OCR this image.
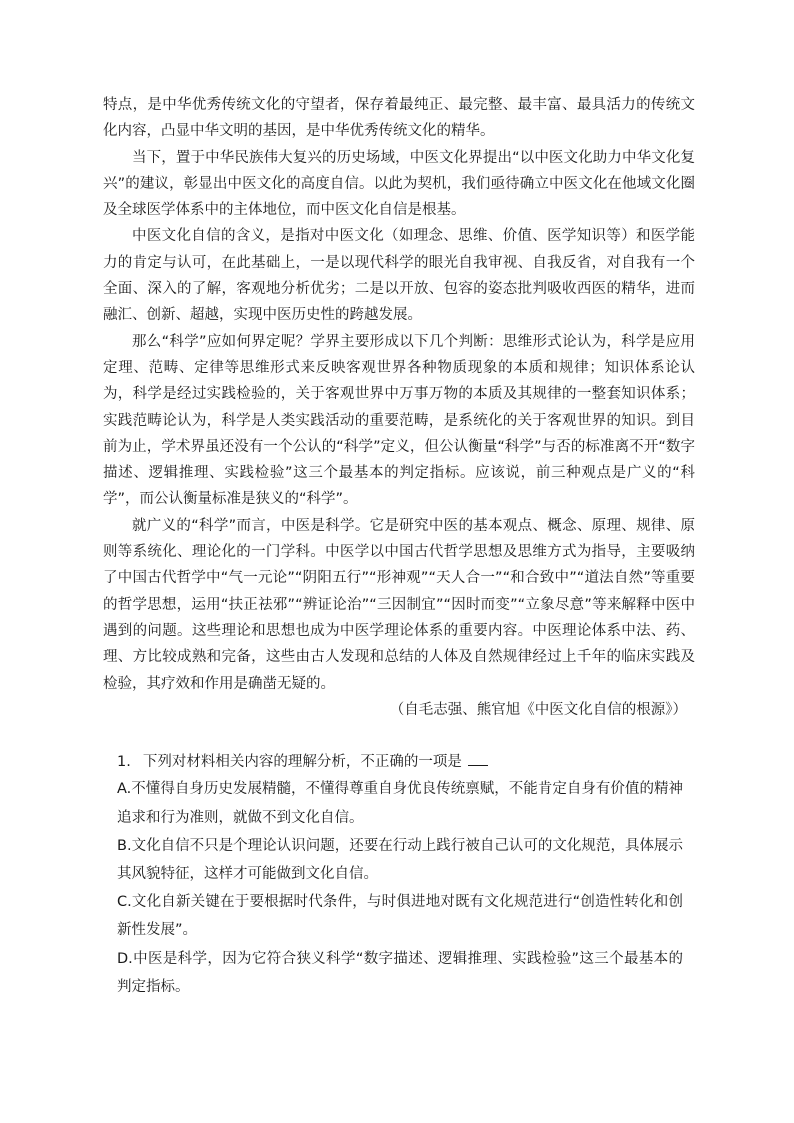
特点，是中华优秀传统文化的守望者，保存着最纯正、最完整、最丰富、最具活力的传统文化内容，凸显中华文明的基因，是中华优秀传统文化的精华。

当下，置于中华民族伟大复兴的历史场域，中医文化界提出“以中医文化助力中华文化复兴”的建议，彰显出中医文化的高度自信。以此为契机，我们亟待确立中医文化在他域文化圈及全球医学体系中的主体地位，而中医文化自信是根基。

中医文化自信的含义，是指对中医文化（如理念、思维、价值、医学知识等）和医学能力的肯定与认可，在此基础上，一是以现代科学的眼光自我审视、自我反省，对自我有一个全面、深入的了解，客观地分析优劣；二是以开放、包容的姿态批判吸收西医的精华，进而融汇、创新、超越，实现中医历史性的跨越发展。

那么“科学”应如何界定呢？学界主要形成以下几个判断：思维形式论认为，科学是应用定理、范畴、定律等思维形式来反映客观世界各种物质现象的本质和规律；知识体系论认为，科学是经过实践检验的，关于客观世界中万事万物的本质及其规律的一整套知识体系；实践范畴论认为，科学是人类实践活动的重要范畴，是系统化的关于客观世界的知识。到目前为止，学术界虽还没有一个公认的“科学”定义，但公认衡量“科学”与否的标准离不开“数字描述、逻辑推理、实践检验”这三个最基本的判定指标。应该说，前三种观点是广义的“科学”，而公认衡量标准是狭义的“科学”。

就广义的“科学”而言，中医是科学。它是研究中医的基本观点、概念、原理、规律、原则等系统化、理论化的一门学科。中医学以中国古代哲学思想及思维方式为指导，主要吸纳了中国古代哲学中“气一元论”“阴阳五行”“形神观”“天人合一”“和合致中”“道法自然”等重要的哲学思想，运用“扶正祛邪”“辨证论治”“三因制宜”“因时而变”“立象尽意”等来解释中医中遇到的问题。这些理论和思想也成为中医学理论体系的重要内容。中医理论体系中法、药、理、方比较成熟和完备，这些由古人发现和总结的人体及自然规律经过上千年的临床实践及检验，其疗效和作用是确凿无疑的。

（自毛志强、熊官旭《中医文化自信的根源》）

1. 下列对材料相关内容的理解分析，不正确的一项是

A.不懂得自身历史发展精髓，不懂得尊重自身优良传统禀赋，不能肯定自身有价值的精神追求和行为准则，就做不到文化自信。

B.文化自信不只是个理论认识问题，还要在行动上践行被自己认可的文化规范，具体展示其风貌特征，这样才可能做到文化自信。

C.文化自新关键在于要根据时代条件，与时俱进地对既有文化规范进行“创造性转化和创新性发展”。

D.中医是科学，因为它符合狭义科学“数字描述、逻辑推理、实践检验”这三个最基本的判定指标。
